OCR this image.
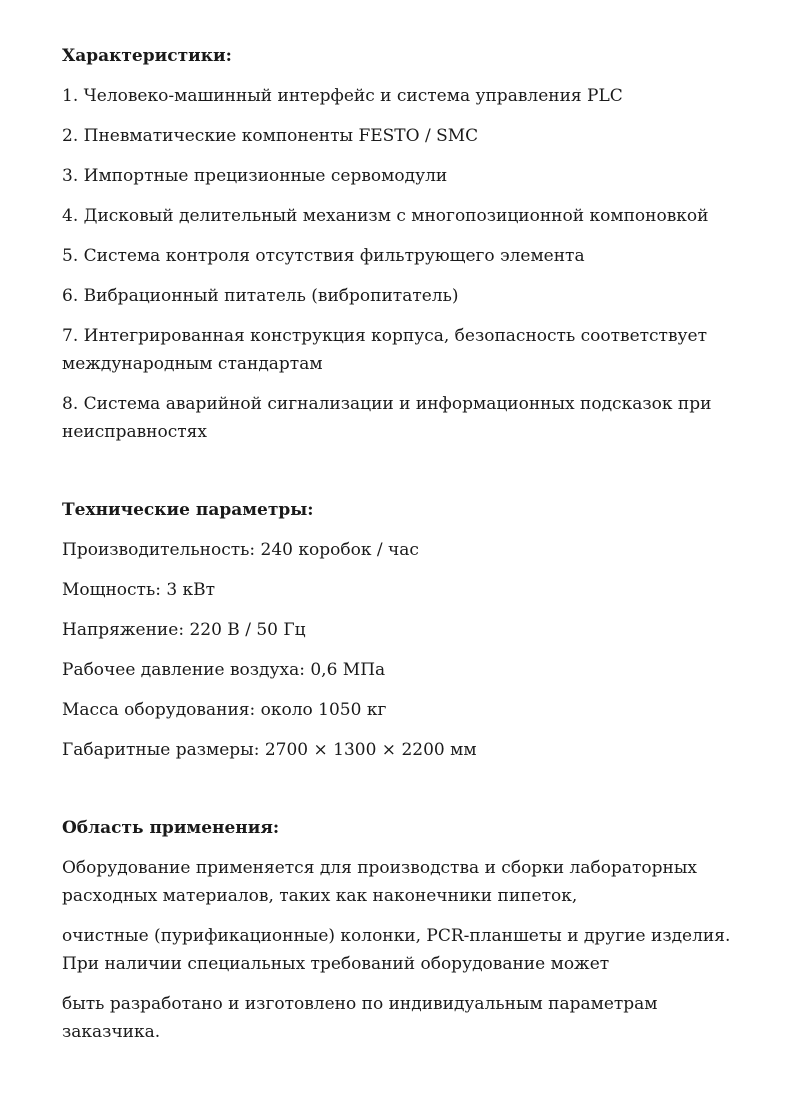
Характеристики:

1. Человеко-машинный интерфейс и система управления PLC

2. Пневматические компоненты FESTO / SMC

3. Импортные прецизионные сервомодули

4. Дисковый делительный механизм с многопозиционной компоновкой

5. Система контроля отсутствия фильтрующего элемента

6. Вибрационный питатель (вибропитатель)

7. Интегрированная конструкция корпуса, безопасность соответствует международным стандартам

8. Система аварийной сигнализации и информационных подсказок при неисправностях

Технические параметры:

Производительность: 240 коробок / час

Мощность: 3 кВт

Напряжение: 220 В / 50 Гц

Рабочее давление воздуха: 0,6 МПа

Масса оборудования: около 1050 кг

Габаритные размеры: 2700 × 1300 × 2200 мм

Область применения:

Оборудование применяется для производства и сборки лабораторных расходных материалов, таких как наконечники пипеток,

очистные (пурификационные) колонки, PCR-планшеты и другие изделия. При наличии специальных требований оборудование может

быть разработано и изготовлено по индивидуальным параметрам заказчика.
